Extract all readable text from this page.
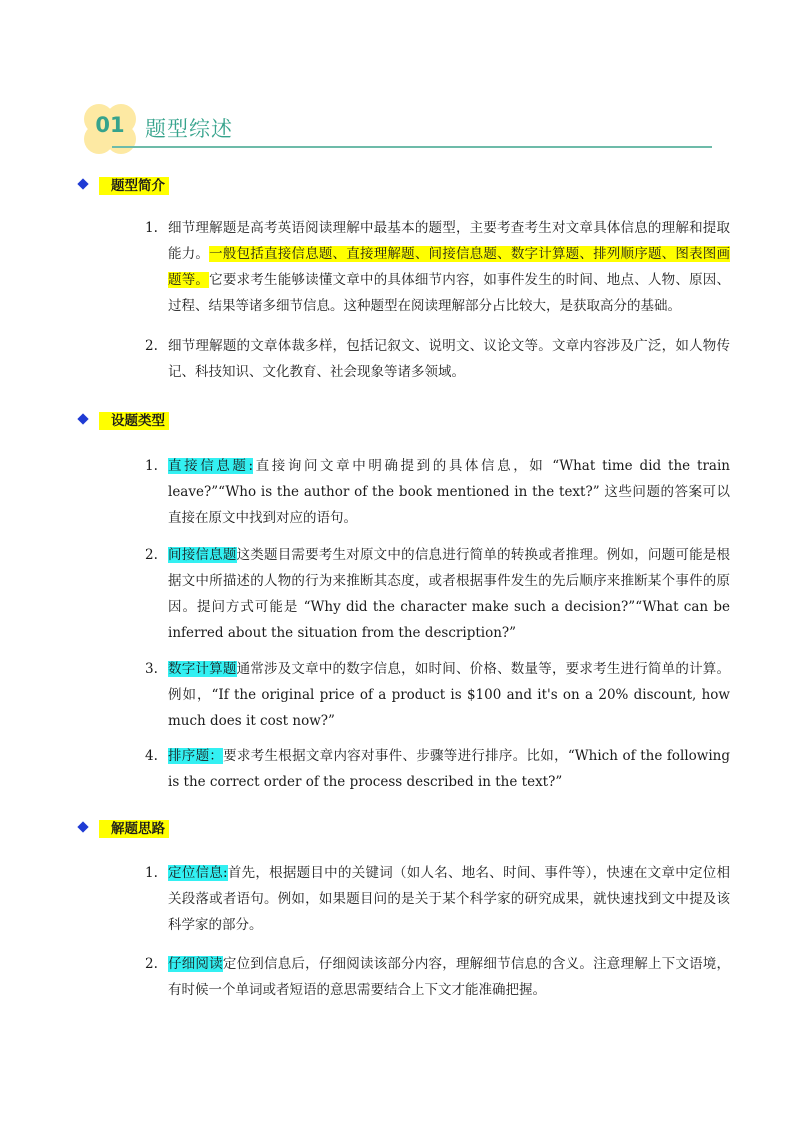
01 题型综述
题型简介
1. 细节理解题是高考英语阅读理解中最基本的题型，主要考查考生对文章具体信息的理解和提取能力。一般包括直接信息题、直接理解题、间接信息题、数字计算题、排列顺序题、图表图画题等。它要求考生能够读懂文章中的具体细节内容，如事件发生的时间、地点、人物、原因、过程、结果等诸多细节信息。这种题型在阅读理解部分占比较大，是获取高分的基础。
2. 细节理解题的文章体裁多样，包括记叙文、说明文、议论文等。文章内容涉及广泛，如人物传记、科技知识、文化教育、社会现象等诸多领域。
设题类型
1. 直接信息题:直接询问文章中明确提到的具体信息，如 “What time did the train leave?”“Who is the author of the book mentioned in the text?” 这些问题的答案可以直接在原文中找到对应的语句。
2. 间接信息题这类题目需要考生对原文中的信息进行简单的转换或者推理。例如，问题可能是根据文中所描述的人物的行为来推断其态度，或者根据事件发生的先后顺序来推断某个事件的原因。提问方式可能是 “Why did the character make such a decision?”“What can be inferred about the situation from the description?”
3. 数字计算题通常涉及文章中的数字信息，如时间、价格、数量等，要求考生进行简单的计算。例如，“If the original price of a product is $100 and it's on a 20% discount, how much does it cost now?”
4. 排序题：要求考生根据文章内容对事件、步骤等进行排序。比如，“Which of the following is the correct order of the process described in the text?”
解题思路
1. 定位信息:首先，根据题目中的关键词（如人名、地名、时间、事件等），快速在文章中定位相关段落或者语句。例如，如果题目问的是关于某个科学家的研究成果，就快速找到文中提及该科学家的部分。
2. 仔细阅读定位到信息后，仔细阅读该部分内容，理解细节信息的含义。注意理解上下文语境，有时候一个单词或者短语的意思需要结合上下文才能准确把握。
